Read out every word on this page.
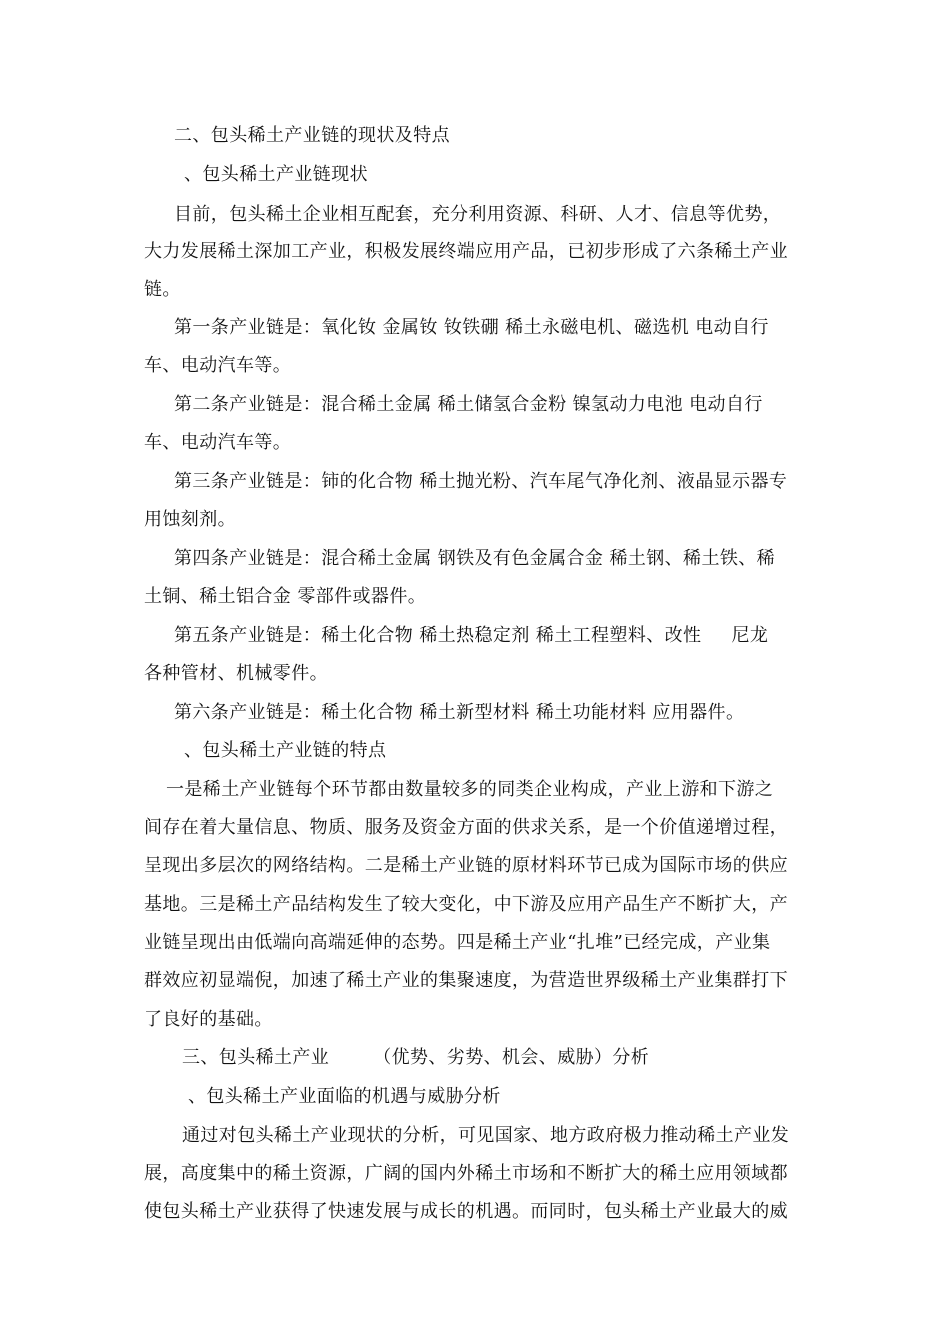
二、包头稀土产业链的现状及特点
、包头稀土产业链现状
目前，包头稀土企业相互配套，充分利用资源、科研、人才、信息等优势，
大力发展稀土深加工产业，积极发展终端应用产品，已初步形成了六条稀土产业
链。
第一条产业链是：氧化钕 金属钕 钕铁硼 稀土永磁电机、磁选机 电动自行
车、电动汽车等。
第二条产业链是：混合稀土金属 稀土储氢合金粉 镍氢动力电池 电动自行
车、电动汽车等。
第三条产业链是：铈的化合物 稀土抛光粉、汽车尾气净化剂、液晶显示器专
用蚀刻剂。
第四条产业链是：混合稀土金属 钢铁及有色金属合金 稀土钢、稀土铁、稀
土铜、稀土铝合金 零部件或器件。
第五条产业链是：稀土化合物 稀土热稳定剂 稀土工程塑料、改性 尼龙
各种管材、机械零件。
第六条产业链是：稀土化合物 稀土新型材料 稀土功能材料 应用器件。
、包头稀土产业链的特点
一是稀土产业链每个环节都由数量较多的同类企业构成，产业上游和下游之
间存在着大量信息、物质、服务及资金方面的供求关系，是一个价值递增过程，
呈现出多层次的网络结构。二是稀土产业链的原材料环节已成为国际市场的供应
基地。三是稀土产品结构发生了较大变化，中下游及应用产品生产不断扩大，产
业链呈现出由低端向高端延伸的态势。四是稀土产业“扎堆”已经完成，产业集
群效应初显端倪，加速了稀土产业的集聚速度，为营造世界级稀土产业集群打下
了良好的基础。
三、包头稀土产业 （优势、劣势、机会、威胁）分析
、包头稀土产业面临的机遇与威胁分析
通过对包头稀土产业现状的分析，可见国家、地方政府极力推动稀土产业发
展，高度集中的稀土资源，广阔的国内外稀土市场和不断扩大的稀土应用领域都
使包头稀土产业获得了快速发展与成长的机遇。而同时，包头稀土产业最大的威
